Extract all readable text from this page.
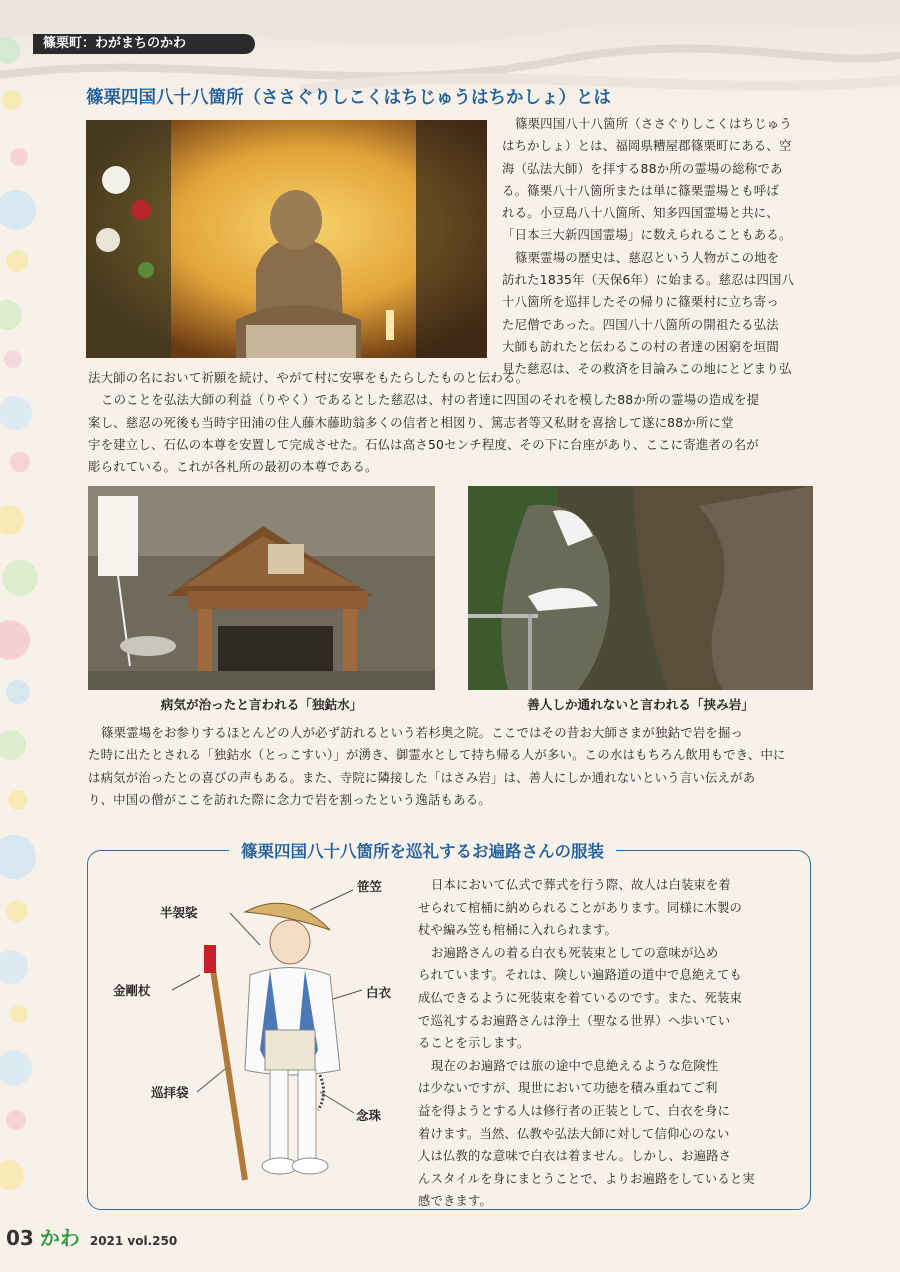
篠栗町：わがまちのかわ
篠栗四国八十八箇所（ささぐりしこくはちじゅうはちかしょ）とは
篠栗四国八十八箇所（ささぐりしこくはちじゅう
はちかしょ）とは、福岡県糟屋郡篠栗町にある、空
海（弘法大師）を拝する88か所の霊場の総称であ
る。篠栗八十八箇所または単に篠栗霊場とも呼ば
れる。小豆島八十八箇所、知多四国霊場と共に、
「日本三大新四国霊場」に数えられることもある。
篠栗霊場の歴史は、慈忍という人物がこの地を
訪れた1835年（天保6年）に始まる。慈忍は四国八
十八箇所を巡拝したその帰りに篠栗村に立ち寄っ
た尼僧であった。四国八十八箇所の開祖たる弘法
大師も訪れたと伝わるこの村の者達の困窮を垣間
見た慈忍は、その救済を目論みこの地にとどまり弘
法大師の名において祈願を続け、やがて村に安寧をもたらしたものと伝わる。
このことを弘法大師の利益（りやく）であるとした慈忍は、村の者達に四国のそれを模した88か所の霊場の造成を提
案し、慈忍の死後も当時宇田浦の住人藤木藤助翁多くの信者と相図り、篤志者等又私財を喜捨して遂に88か所に堂
宇を建立し、石仏の本尊を安置して完成させた。石仏は高さ50センチ程度、その下に台座があり、ここに寄進者の名が
彫られている。これが各札所の最初の本尊である。
病気が治ったと言われる「独鈷水」	善人しか通れないと言われる「挟み岩」
篠栗霊場をお参りするほとんどの人が必ず訪れるという若杉奥之院。ここではその昔お大師さまが独鈷で岩を掘っ
た時に出たとされる「独鈷水（とっこすい）」が湧き、御霊水として持ち帰る人が多い。この水はもちろん飲用もでき、中に
は病気が治ったとの喜びの声もある。また、寺院に隣接した「はさみ岩」は、善人にしか通れないという言い伝えがあ
り、中国の僧がここを訪れた際に念力で岩を割ったという逸話もある。
篠栗四国八十八箇所を巡礼するお遍路さんの服装
笹笠
半袈裟
金剛杖	白衣
巡拝袋
念珠
日本において仏式で葬式を行う際、故人は白装束を着
せられて棺桶に納められることがあります。同様に木製の
杖や編み笠も棺桶に入れられます。
お遍路さんの着る白衣も死装束としての意味が込め
られています。それは、険しい遍路道の道中で息絶えても
成仏できるように死装束を着ているのです。また、死装束
で巡礼するお遍路さんは浄土（聖なる世界）へ歩いてい
ることを示します。
現在のお遍路では旅の途中で息絶えるような危険性
は少ないですが、現世において功徳を積み重ねてご利
益を得ようとする人は修行者の正装として、白衣を身に
着けます。当然、仏教や弘法大師に対して信仰心のない
人は仏教的な意味で白衣は着ません。しかし、お遍路さ
んスタイルを身にまとうことで、よりお遍路をしていると実
感できます。
03 かわ 2021 vol.250
